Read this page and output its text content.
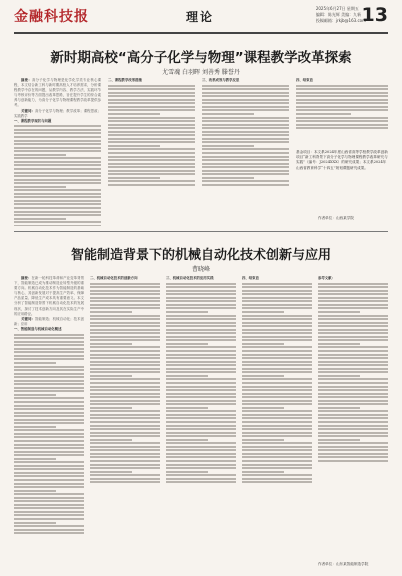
金融科技报	理论
2025年6月27日 星期五
编辑：陈光辉 美编：九新
投稿邮箱：jrkjb@163.com
13
新时期高校“高分子化学与物理”课程教学改革探索
尤雪魂 白羽晖 刘善秀 滕誉丹

摘要：高分子化学与物理是化学化学类专业核心课程，本文结合新工科与新时期高校人才培养需求，分析课程教学中存在的问题，从教学内容、教学方法、实践环节与考核评价等方面提出改革思路，旨在提升学生的综合素养与创新能力，为高分子化学与物理课程教学改革提供参考。

关键词：高分子化学与物理；教学改革；课程思政；实践教学

一、课程教学现状与问题

二、课程教学改革措施	三、改革成效与教学反思	四、结束语

基金项目：本文系2024年度山西省高等学校教学改革创新项目“新工科背景下高分子化学与物理课程教学改革研究与实践”（编号：J2024XXX）的研究成果；本文系2024年山西省教育科学“十四五”规划课题研究成果。
作者单位：山西某学院
智能制造背景下的机械自动化技术创新与应用
曹晓峰

摘要：在新一轮科技革命和产业变革背景下，智能制造已成为推动制造业转型升级的重要方向。机械自动化技术作为智能制造的基础与核心，其创新发展对于提高生产效率、保障产品质量、降低生产成本具有重要意义。本文分析了智能制造背景下机械自动化技术的发展现状，探讨了技术创新方向及其在实际生产中的应用路径。

关键词：智能制造；机械自动化；技术创新；应用

一、智能制造与机械自动化概述

二、机械自动化技术的创新方向	三、机械自动化技术的应用实践	四、结束语	参考文献：

作者单位：山东某智能制造学院
